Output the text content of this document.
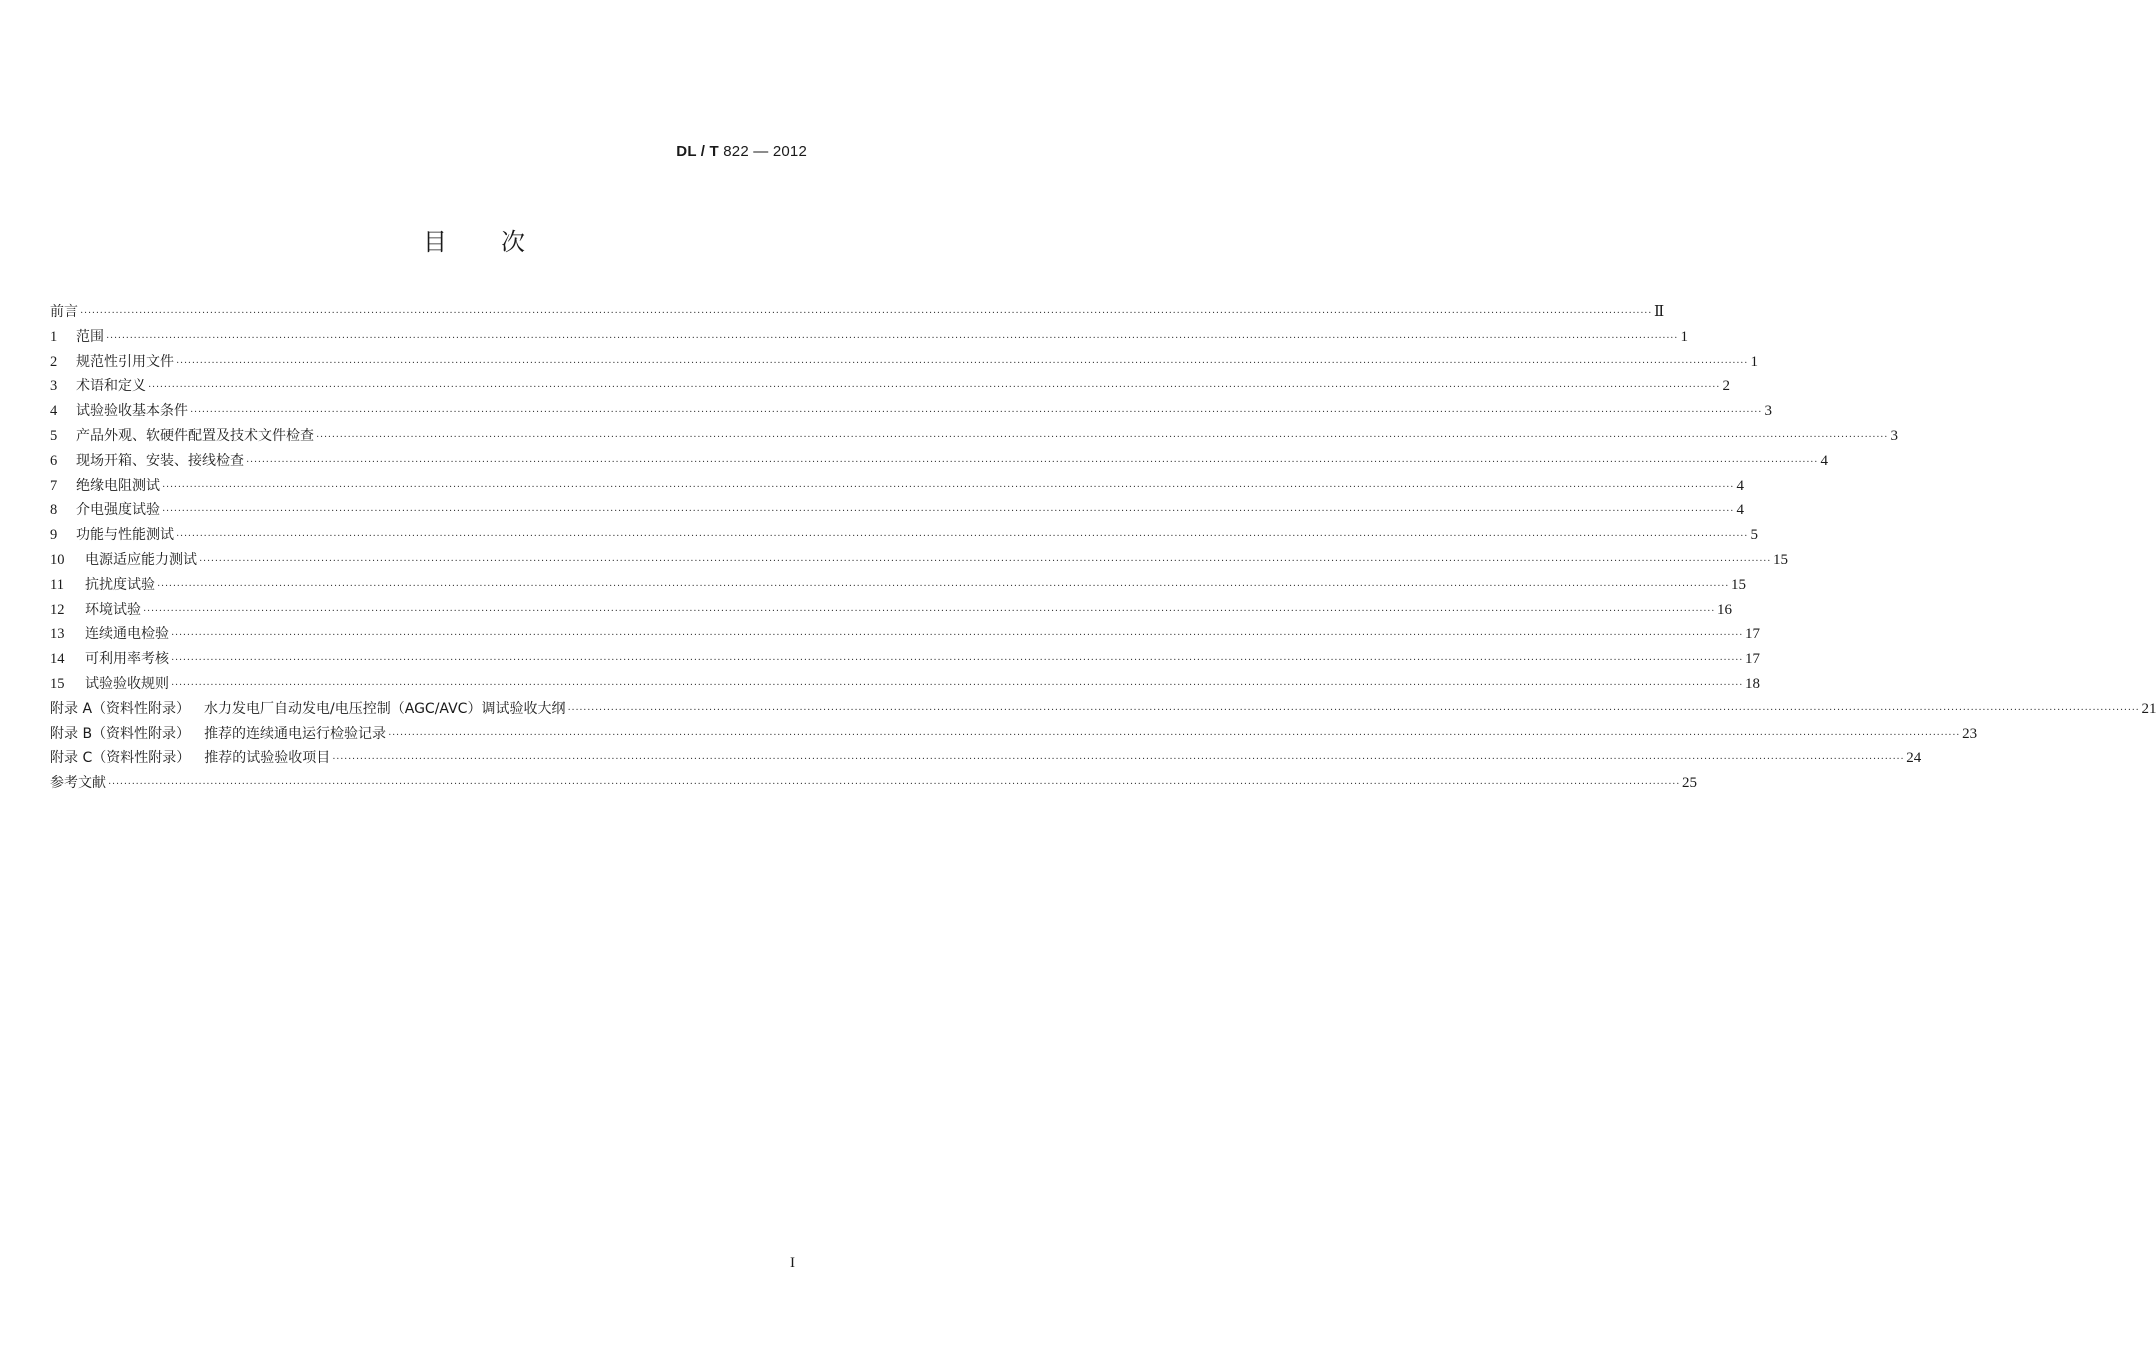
DL / T 822 — 2012
目 次
前言 ················································································································································································································································································································································································································ Ⅱ
1	范围 ················································································································································································································································································································································································································ 1
2	规范性引用文件 ················································································································································································································································································································································································································ 1
3	术语和定义 ················································································································································································································································································································································································································ 2
4	试验验收基本条件 ················································································································································································································································································································································································································ 3
5	产品外观、软硬件配置及技术文件检查 ················································································································································································································································································································································································································ 3
6	现场开箱、安装、接线检查 ················································································································································································································································································································································································································ 4
7	绝缘电阻测试 ················································································································································································································································································································································································································ 4
8	介电强度试验 ················································································································································································································································································································································································································ 4
9	功能与性能测试 ················································································································································································································································································································································································································ 5
10	电源适应能力测试 ················································································································································································································································································································································································································ 15
11	抗扰度试验 ················································································································································································································································································································································································································ 15
12	环境试验 ················································································································································································································································································································································································································ 16
13	连续通电检验 ················································································································································································································································································································································································································ 17
14	可利用率考核 ················································································································································································································································································································································································································ 17
15	试验验收规则 ················································································································································································································································································································································································································ 18
附录 A（资料性附录） 水力发电厂自动发电/电压控制（AGC/AVC）调试验收大纲 ················································································································································································································································································································································································································ 21
附录 B（资料性附录） 推荐的连续通电运行检验记录 ················································································································································································································································································································································································································ 23
附录 C（资料性附录） 推荐的试验验收项目 ················································································································································································································································································································································································································ 24
参考文献 ················································································································································································································································································································································································································ 25
I
